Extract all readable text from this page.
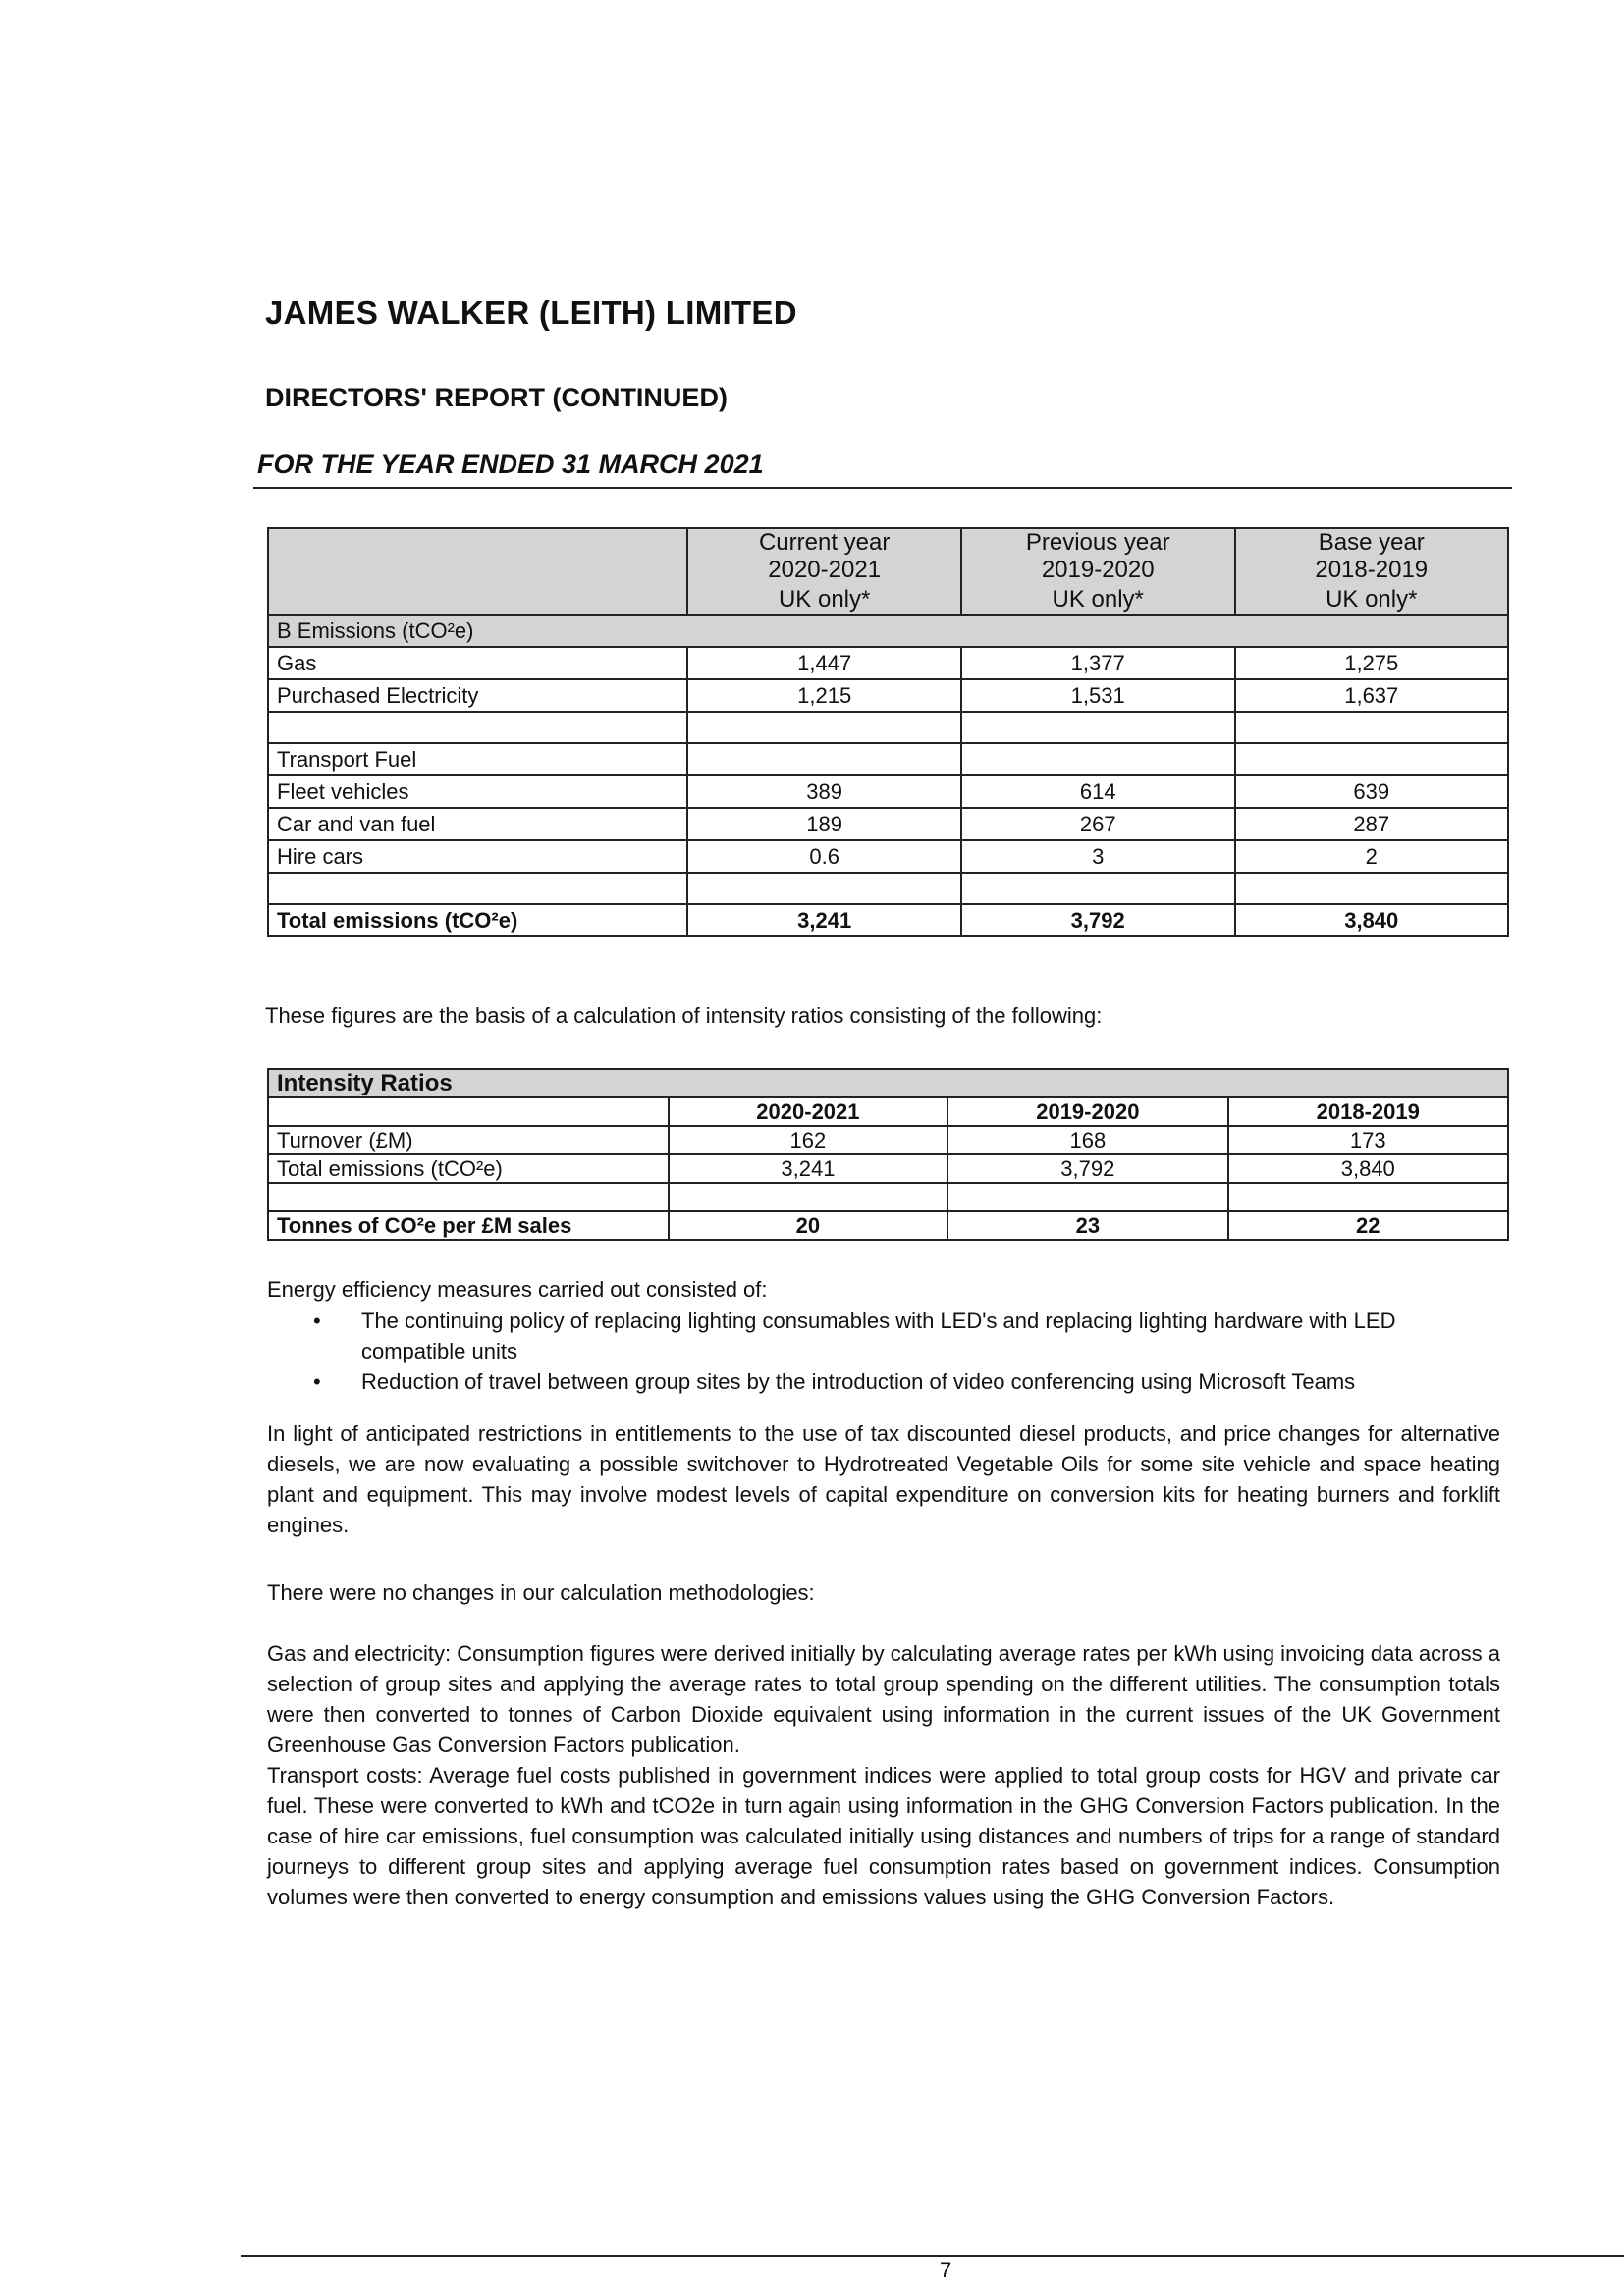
JAMES WALKER (LEITH) LIMITED
DIRECTORS' REPORT (CONTINUED)
FOR THE YEAR ENDED 31 MARCH 2021
	Current year	Previous year	Base year
	2020-2021	2019-2020	2018-2019
	UK only*	UK only*	UK only*
B Emissions (tCO²e)			
Gas	1,447	1,377	1,275
Purchased Electricity	1,215	1,531	1,637

Transport Fuel			
Fleet vehicles	389	614	639
Car and van fuel	189	267	287
Hire cars	0.6	3	2

Total emissions (tCO²e)	3,241	3,792	3,840
These figures are the basis of a calculation of intensity ratios consisting of the following:
Intensity Ratios			
	2020-2021	2019-2020	2018-2019
Turnover (£M)	162	168	173
Total emissions (tCO²e)	3,241	3,792	3,840

Tonnes of CO²e per £M sales	20	23	22
Energy efficiency measures carried out consisted of:
• The continuing policy of replacing lighting consumables with LED's and replacing lighting hardware with LED compatible units
• Reduction of travel between group sites by the introduction of video conferencing using Microsoft Teams
In light of anticipated restrictions in entitlements to the use of tax discounted diesel products, and price changes for alternative diesels, we are now evaluating a possible switchover to Hydrotreated Vegetable Oils for some site vehicle and space heating plant and equipment. This may involve modest levels of capital expenditure on conversion kits for heating burners and forklift engines.
There were no changes in our calculation methodologies:
Gas and electricity: Consumption figures were derived initially by calculating average rates per kWh using invoicing data across a selection of group sites and applying the average rates to total group spending on the different utilities. The consumption totals were then converted to tonnes of Carbon Dioxide equivalent using information in the current issues of the UK Government Greenhouse Gas Conversion Factors publication.
Transport costs: Average fuel costs published in government indices were applied to total group costs for HGV and private car fuel. These were converted to kWh and tCO2e in turn again using information in the GHG Conversion Factors publication. In the case of hire car emissions, fuel consumption was calculated initially using distances and numbers of trips for a range of standard journeys to different group sites and applying average fuel consumption rates based on government indices. Consumption volumes were then converted to energy consumption and emissions values using the GHG Conversion Factors.
7
